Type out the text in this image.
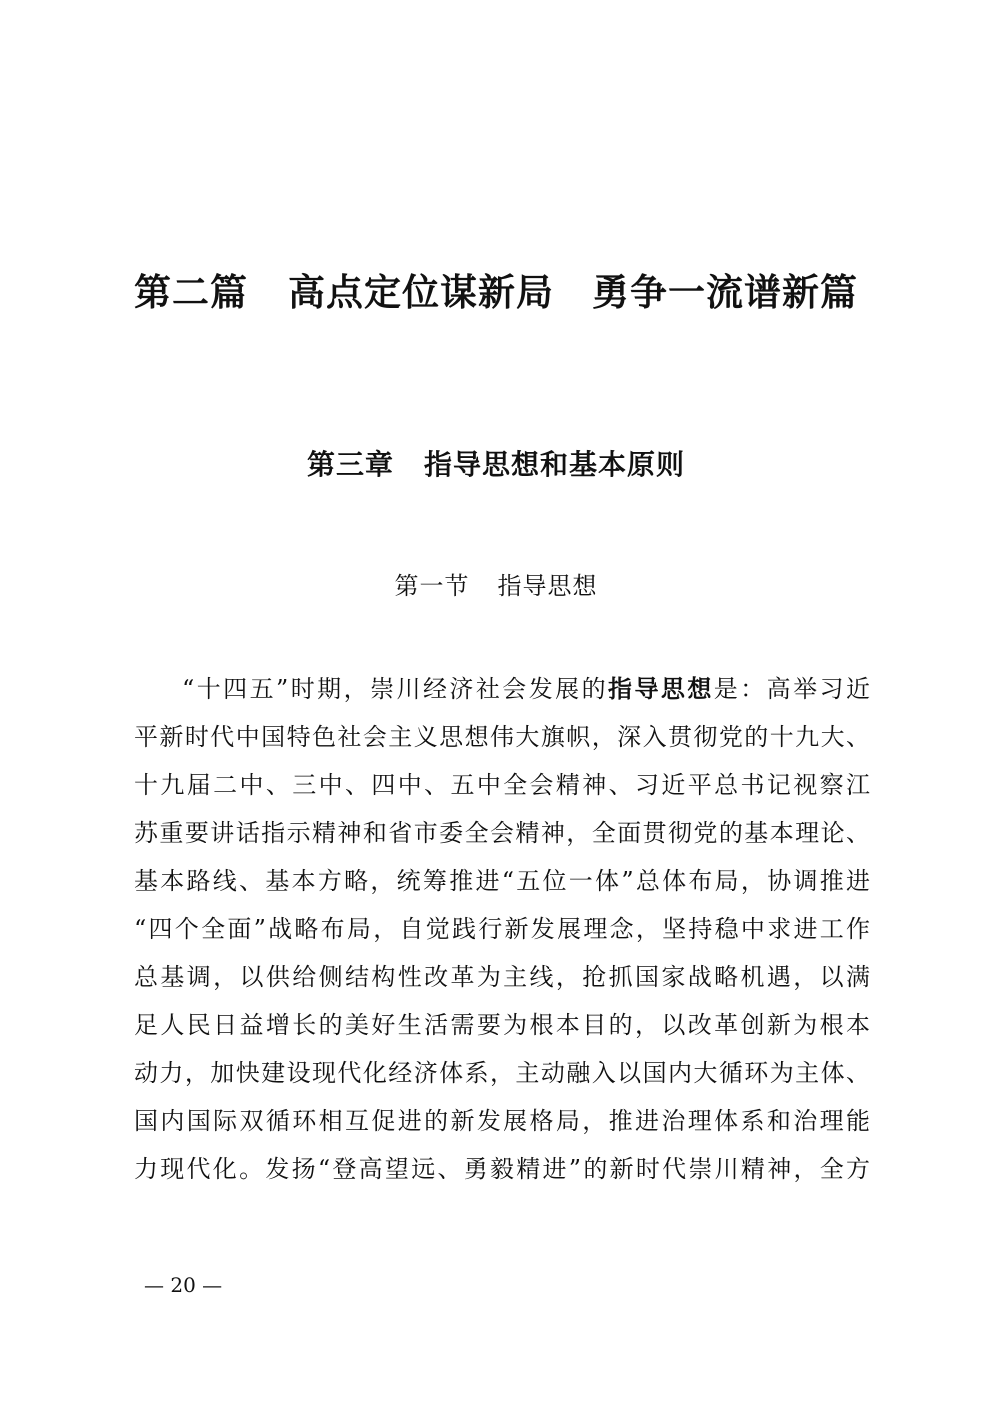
第二篇 高点定位谋新局　勇争一流谱新篇
第三章 指导思想和基本原则
第一节 指导思想
“十四五”时期，崇川经济社会发展的指导思想是：高举习近
平新时代中国特色社会主义思想伟大旗帜，深入贯彻党的十九大、
十九届二中、三中、四中、五中全会精神、习近平总书记视察江
苏重要讲话指示精神和省市委全会精神，全面贯彻党的基本理论、
基本路线、基本方略，统筹推进“五位一体”总体布局，协调推进
“四个全面”战略布局，自觉践行新发展理念，坚持稳中求进工作
总基调，以供给侧结构性改革为主线，抢抓国家战略机遇，以满
足人民日益增长的美好生活需要为根本目的，以改革创新为根本
动力，加快建设现代化经济体系，主动融入以国内大循环为主体、
国内国际双循环相互促进的新发展格局，推进治理体系和治理能
力现代化。发扬“登高望远、勇毅精进”的新时代崇川精神，全方
— 20 —
